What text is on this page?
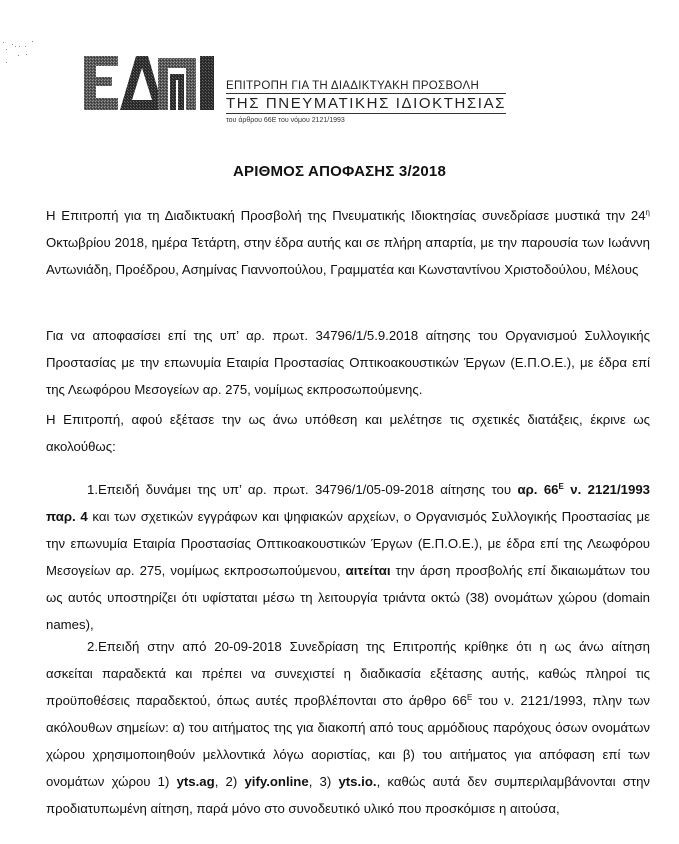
ΕΠΙΤΡΟΠΗ ΓΙΑ ΤΗ ΔΙΑΔΙΚΤΥΑΚΗ ΠΡΟΣΒΟΛΗ
ΤΗΣ ΠΝΕΥΜΑΤΙΚΗΣ ΙΔΙΟΚΤΗΣΙΑΣ
του άρθρου 66Ε του νόμου 2121/1993
ΑΡΙΘΜΟΣ ΑΠΟΦΑΣΗΣ 3/2018

Η Επιτροπή για τη Διαδικτυακή Προσβολή της Πνευματικής Ιδιοκτησίας συνεδρίασε μυστικά την $24^\eta$ Οκτωβρίου 2018, ημέρα Τετάρτη, στην έδρα αυτής και σε πλήρη απαρτία, με την παρουσία των Ιωάννη Αντωνιάδη, Προέδρου, Ασημίνας Γιαννοπούλου, Γραμματέα και Κωνσταντίνου Χριστοδούλου, Μέλους

Για να αποφασίσει επί της υπ’ αρ. πρωτ. 34796/1/5.9.2018 αίτησης του Οργανισμού Συλλογικής Προστασίας με την επωνυμία Εταιρία Προστασίας Οπτικοακουστικών Έργων (Ε.Π.Ο.Ε.), με έδρα επί της Λεωφόρου Μεσογείων αρ. 275, νομίμως εκπροσωπούμενης.

Η Επιτροπή, αφού εξέτασε την ως άνω υπόθεση και μελέτησε τις σχετικές διατάξεις, έκρινε ως ακολούθως:

1.Επειδή δυνάμει της υπ’ αρ. πρωτ. 34796/1/05-09-2018 αίτησης του αρ. $66^E$ ν. 2121/1993 παρ. 4 και των σχετικών εγγράφων και ψηφιακών αρχείων, ο Οργανισμός Συλλογικής Προστασίας με την επωνυμία Εταιρία Προστασίας Οπτικοακουστικών Έργων (Ε.Π.Ο.Ε.), με έδρα επί της Λεωφόρου Μεσογείων αρ. 275, νομίμως εκπροσωπούμενου, αιτείται την άρση προσβολής επί δικαιωμάτων του ως αυτός υποστηρίζει ότι υφίσταται μέσω τη λειτουργία τριάντα οκτώ (38) ονομάτων χώρου (domain names),

2.Επειδή στην από 20-09-2018 Συνεδρίαση της Επιτροπής κρίθηκε ότι η ως άνω αίτηση ασκείται παραδεκτά και πρέπει να συνεχιστεί η διαδικασία εξέτασης αυτής, καθώς πληροί τις προϋποθέσεις παραδεκτού, όπως αυτές προβλέπονται στο άρθρο $66^E$ του ν. 2121/1993, πλην των ακόλουθων σημείων: α) του αιτήματος της για διακοπή από τους αρμόδιους παρόχους όσων ονομάτων χώρου χρησιμοποιηθούν μελλοντικά λόγω αοριστίας, και β) του αιτήματος για απόφαση επί των ονομάτων χώρου 1) yts.ag, 2) yify.online, 3) yts.io., καθώς αυτά δεν συμπεριλαμβάνονται στην προδιατυπωμένη αίτηση, παρά μόνο στο συνοδευτικό υλικό που προσκόμισε η αιτούσα,
